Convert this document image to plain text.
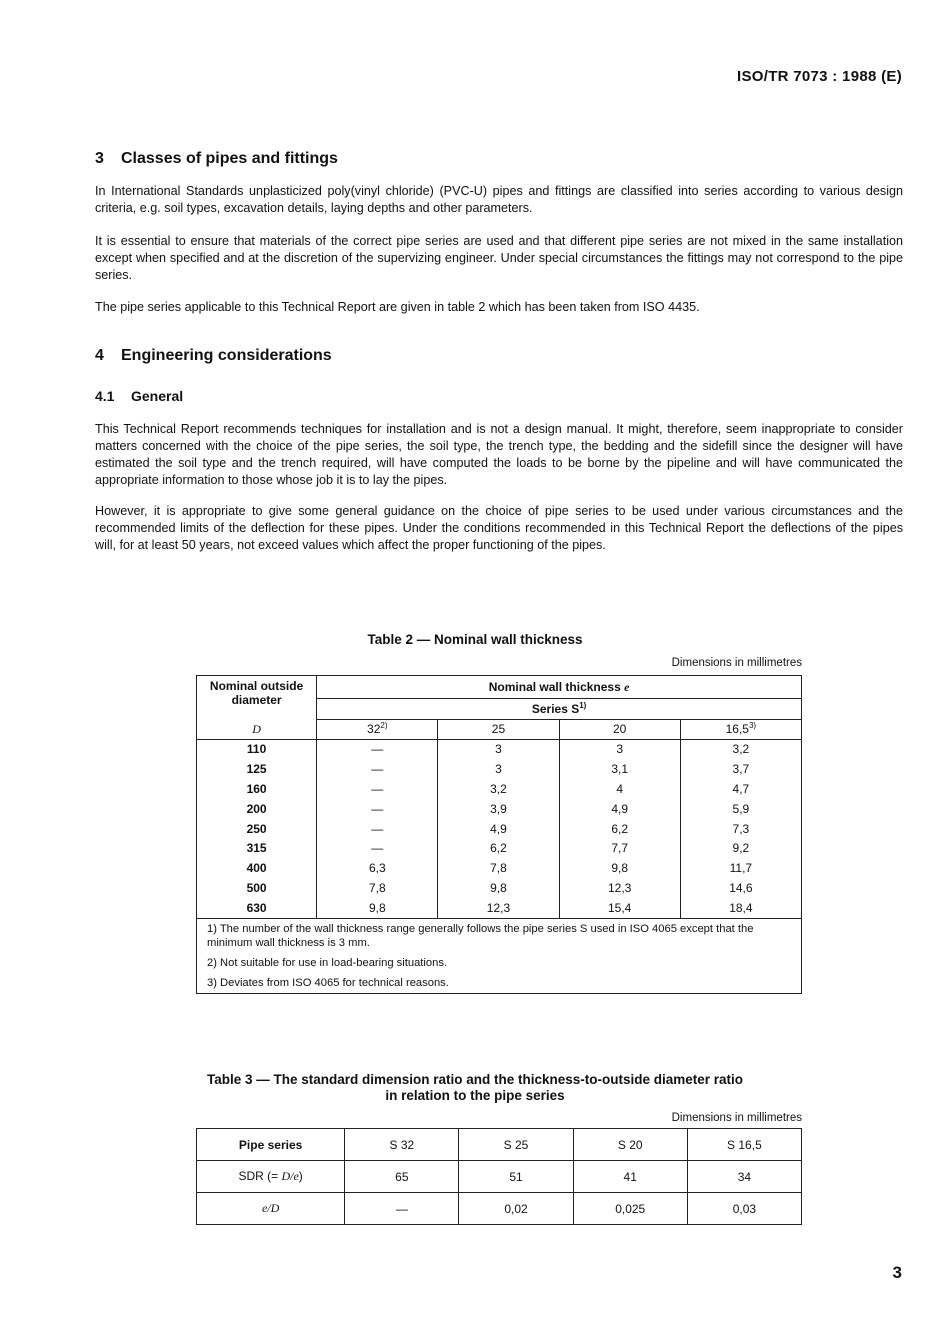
ISO/TR 7073 : 1988 (E)
3 Classes of pipes and fittings
In International Standards unplasticized poly(vinyl chloride) (PVC-U) pipes and fittings are classified into series according to various design criteria, e.g. soil types, excavation details, laying depths and other parameters.
It is essential to ensure that materials of the correct pipe series are used and that different pipe series are not mixed in the same installation except when specified and at the discretion of the supervizing engineer. Under special circumstances the fittings may not correspond to the pipe series.
The pipe series applicable to this Technical Report are given in table 2 which has been taken from ISO 4435.
4 Engineering considerations
4.1 General
This Technical Report recommends techniques for installation and is not a design manual. It might, therefore, seem inappropriate to consider matters concerned with the choice of the pipe series, the soil type, the trench type, the bedding and the sidefill since the designer will have estimated the soil type and the trench required, will have computed the loads to be borne by the pipeline and will have communicated the appropriate information to those whose job it is to lay the pipes.
However, it is appropriate to give some general guidance on the choice of pipe series to be used under various circumstances and the recommended limits of the deflection for these pipes. Under the conditions recommended in this Technical Report the deflections of the pipes will, for at least 50 years, not exceed values which affect the proper functioning of the pipes.
Table 2 — Nominal wall thickness
Dimensions in millimetres
Nominal outside diameter	Nominal wall thickness e			
	Series $S^{1)}$
D	32$^{2)}$	25	20	16,5$^{3)}$
110	—	3	3	3,2
125	—	3	3,1	3,7
160	—	3,2	4	4,7
200	—	3,9	4,9	5,9
250	—	4,9	6,2	7,3
315	—	6,2	7,7	9,2
400	6,3	7,8	9,8	11,7
500	7,8	9,8	12,3	14,6
630	9,8	12,3	15,4	18,4
1) The number of the wall thickness range generally follows the pipe series S used in ISO 4065 except that the minimum wall thickness is 3 mm.				
2) Not suitable for use in load-bearing situations.				
3) Deviates from ISO 4065 for technical reasons.				
Table 3 — The standard dimension ratio and the thickness-to-outside diameter ratio
in relation to the pipe series
Dimensions in millimetres
Pipe series	S 32	S 25	S 20	S 16,5
SDR (= D/e)	65	51	41	34
e/D	—	0,02	0,025	0,03
3
